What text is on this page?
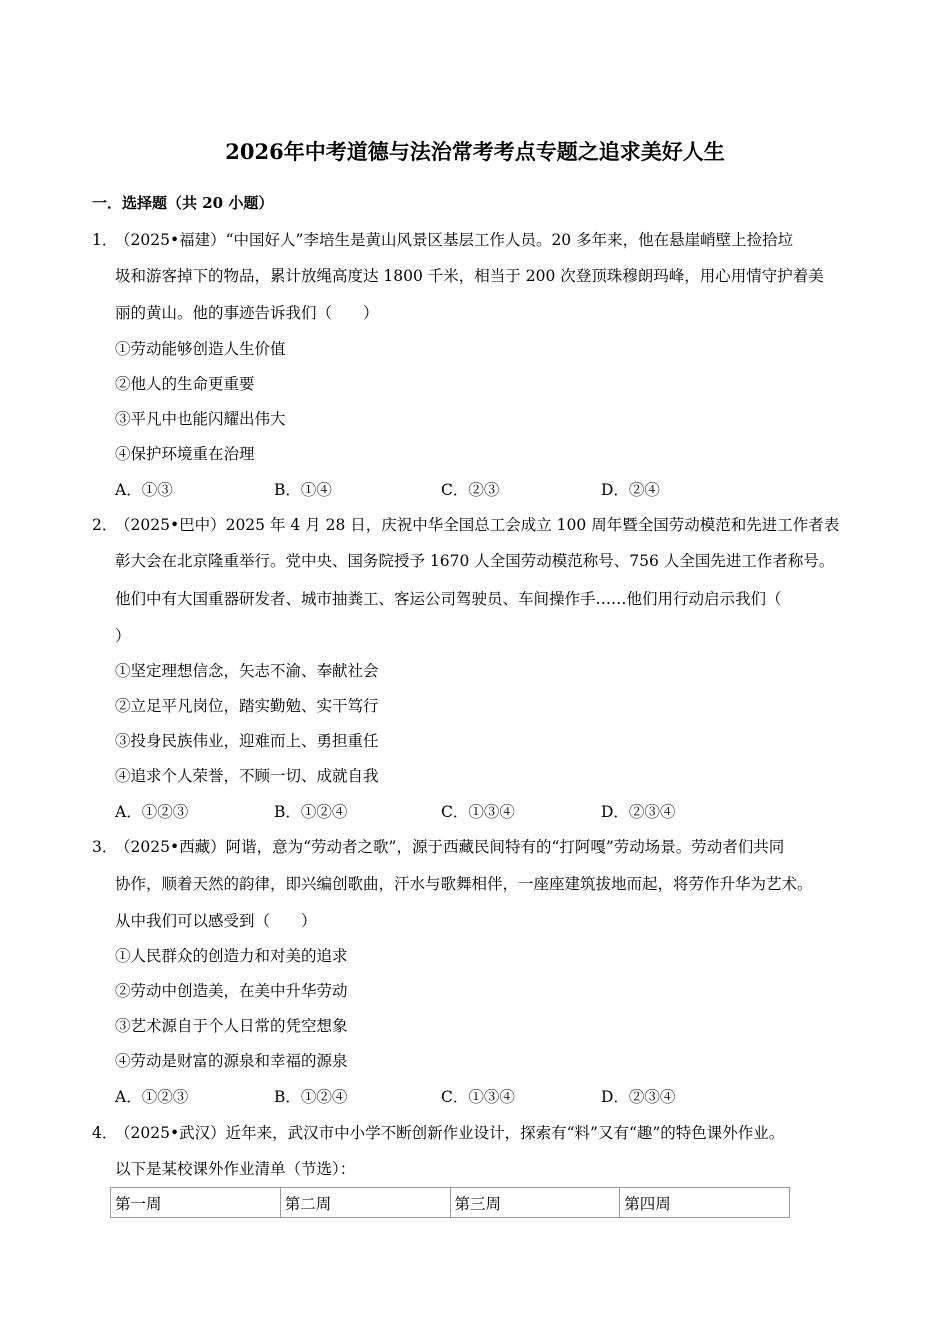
2026年中考道德与法治常考考点专题之追求美好人生
一．选择题（共 20 小题）
1．
（2025•福建）“中国好人”李培生是黄山风景区基层工作人员。20 多年来，他在悬崖峭壁上捡拾垃
圾和游客掉下的物品，累计放绳高度达 1800 千米，相当于 200 次登顶珠穆朗玛峰，用心用情守护着美
丽的黄山。他的事迹告诉我们（　　）
①劳动能够创造人生价值
②他人的生命更重要
③平凡中也能闪耀出伟大
④保护环境重在治理
A．①③	B．①④	C．②③	D．②④
2．
（2025•巴中）2025 年 4 月 28 日，庆祝中华全国总工会成立 100 周年暨全国劳动模范和先进工作者表
彰大会在北京隆重举行。党中央、国务院授予 1670 人全国劳动模范称号、756 人全国先进工作者称号。
他们中有大国重器研发者、城市抽粪工、客运公司驾驶员、车间操作手……他们用行动启示我们（
）
①坚定理想信念，矢志不渝、奉献社会
②立足平凡岗位，踏实勤勉、实干笃行
③投身民族伟业，迎难而上、勇担重任
④追求个人荣誉，不顾一切、成就自我
A．①②③	B．①②④	C．①③④	D．②③④
3．
（2025•西藏）阿谐，意为“劳动者之歌”，源于西藏民间特有的“打阿嘎”劳动场景。劳动者们共同
协作，顺着天然的韵律，即兴编创歌曲，汗水与歌舞相伴，一座座建筑拔地而起，将劳作升华为艺术。
从中我们可以感受到（　　）
①人民群众的创造力和对美的追求
②劳动中创造美，在美中升华劳动
③艺术源自于个人日常的凭空想象
④劳动是财富的源泉和幸福的源泉
A．①②③	B．①②④	C．①③④	D．②③④
4．
（2025•武汉）近年来，武汉市中小学不断创新作业设计，探索有“料”又有“趣”的特色课外作业。
以下是某校课外作业清单（节选）：
第一周	第二周	第三周	第四周
